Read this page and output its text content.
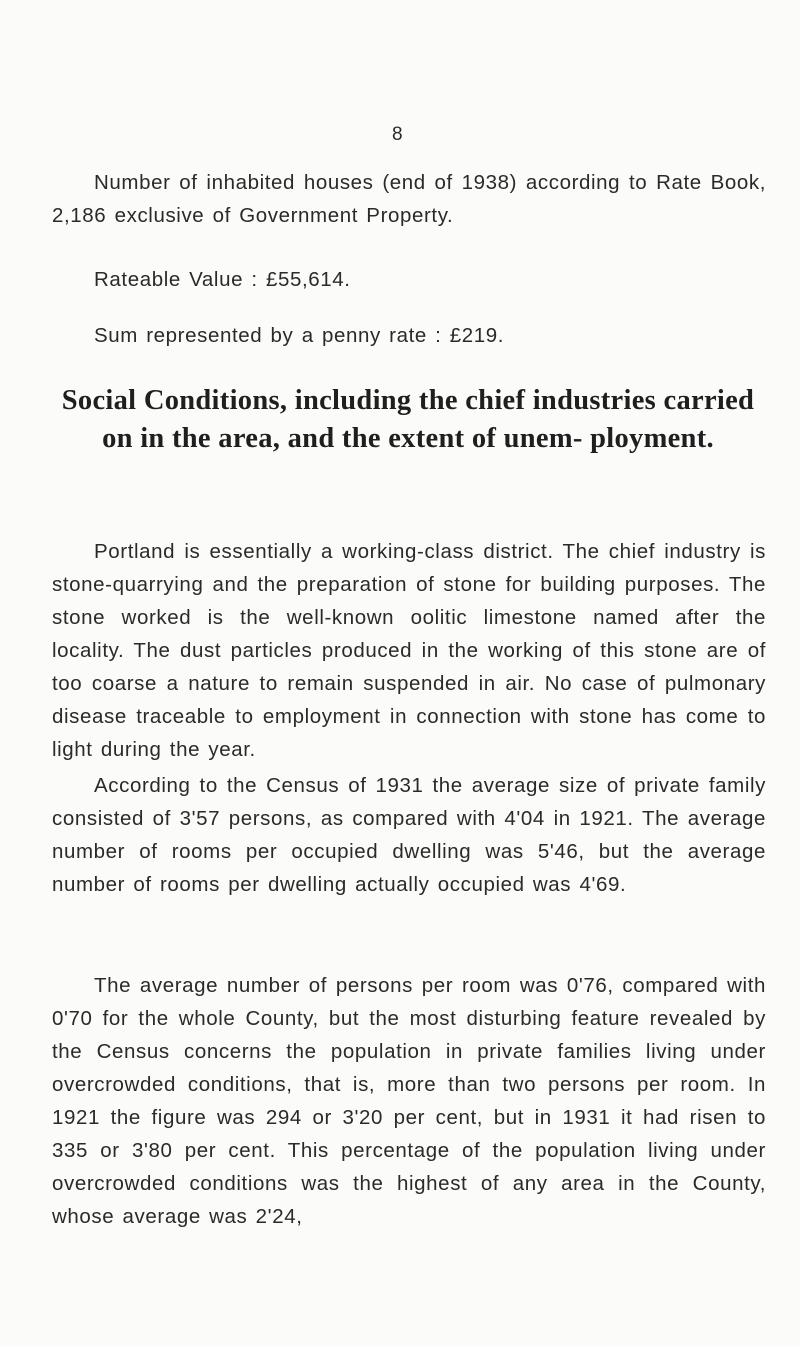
8

Number of inhabited houses (end of 1938) according to Rate Book, 2,186 exclusive of Government Property.

Rateable Value : £55,614.

Sum represented by a penny rate : £219.

Social Conditions, including the chief industries carried on in the area, and the extent of unem- ployment.

Portland is essentially a working-class district. The chief industry is stone-quarrying and the preparation of stone for building purposes. The stone worked is the well-known oolitic limestone named after the locality. The dust particles produced in the working of this stone are of too coarse a nature to remain suspended in air. No case of pulmonary disease traceable to employment in connection with stone has come to light during the year.

According to the Census of 1931 the average size of private family consisted of 3'57 persons, as compared with 4'04 in 1921. The average number of rooms per occupied dwelling was 5'46, but the average number of rooms per dwelling actually occupied was 4'69.

The average number of persons per room was 0'76, compared with 0'70 for the whole County, but the most disturbing feature revealed by the Census concerns the population in private families living under overcrowded conditions, that is, more than two persons per room. In 1921 the figure was 294 or 3'20 per cent, but in 1931 it had risen to 335 or 3'80 per cent. This percentage of the population living under overcrowded conditions was the highest of any area in the County, whose average was 2'24,
